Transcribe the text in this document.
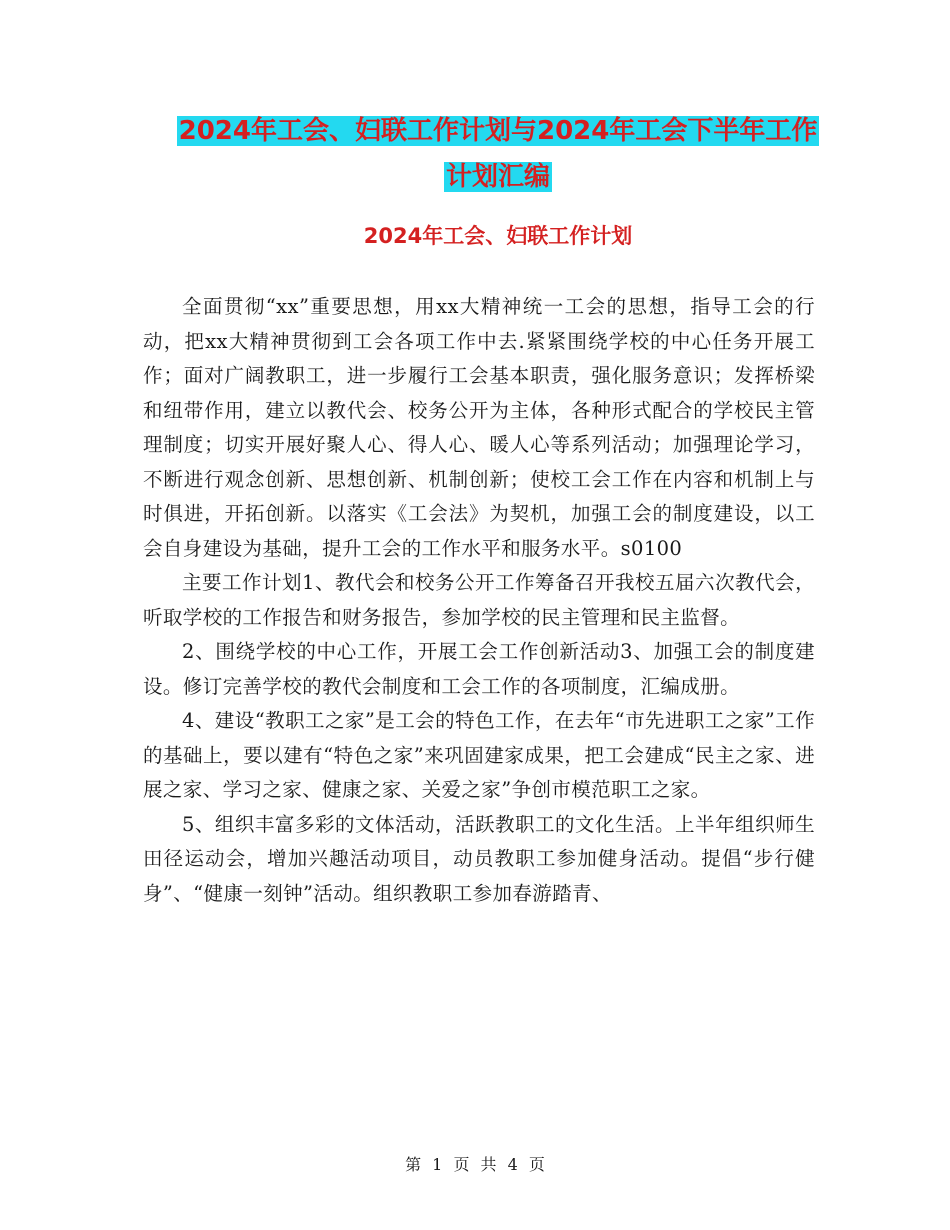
2024年工会、妇联工作计划与2024年工会下半年工作
计划汇编
2024年工会、妇联工作计划

全面贯彻“xx”重要思想，用xx大精神统一工会的思想，指导工会的行动，把xx大精神贯彻到工会各项工作中去.紧紧围绕学校的中心任务开展工作；面对广阔教职工，进一步履行工会基本职责，强化服务意识；发挥桥梁和纽带作用，建立以教代会、校务公开为主体，各种形式配合的学校民主管理制度；切实开展好聚人心、得人心、暖人心等系列活动；加强理论学习，不断进行观念创新、思想创新、机制创新；使校工会工作在内容和机制上与时俱进，开拓创新。以落实《工会法》为契机，加强工会的制度建设，以工会自身建设为基础，提升工会的工作水平和服务水平。s0100

主要工作计划1、教代会和校务公开工作筹备召开我校五届六次教代会，听取学校的工作报告和财务报告，参加学校的民主管理和民主监督。

2、围绕学校的中心工作，开展工会工作创新活动3、加强工会的制度建设。修订完善学校的教代会制度和工会工作的各项制度，汇编成册。

4、建设“教职工之家”是工会的特色工作，在去年“市先进职工之家”工作的基础上，要以建有“特色之家”来巩固建家成果，把工会建成“民主之家、进展之家、学习之家、健康之家、关爱之家”争创市模范职工之家。

5、组织丰富多彩的文体活动，活跃教职工的文化生活。上半年组织师生田径运动会，增加兴趣活动项目，动员教职工参加健身活动。提倡“步行健身”、“健康一刻钟”活动。组织教职工参加春游踏青、

第 1 页 共 4 页
